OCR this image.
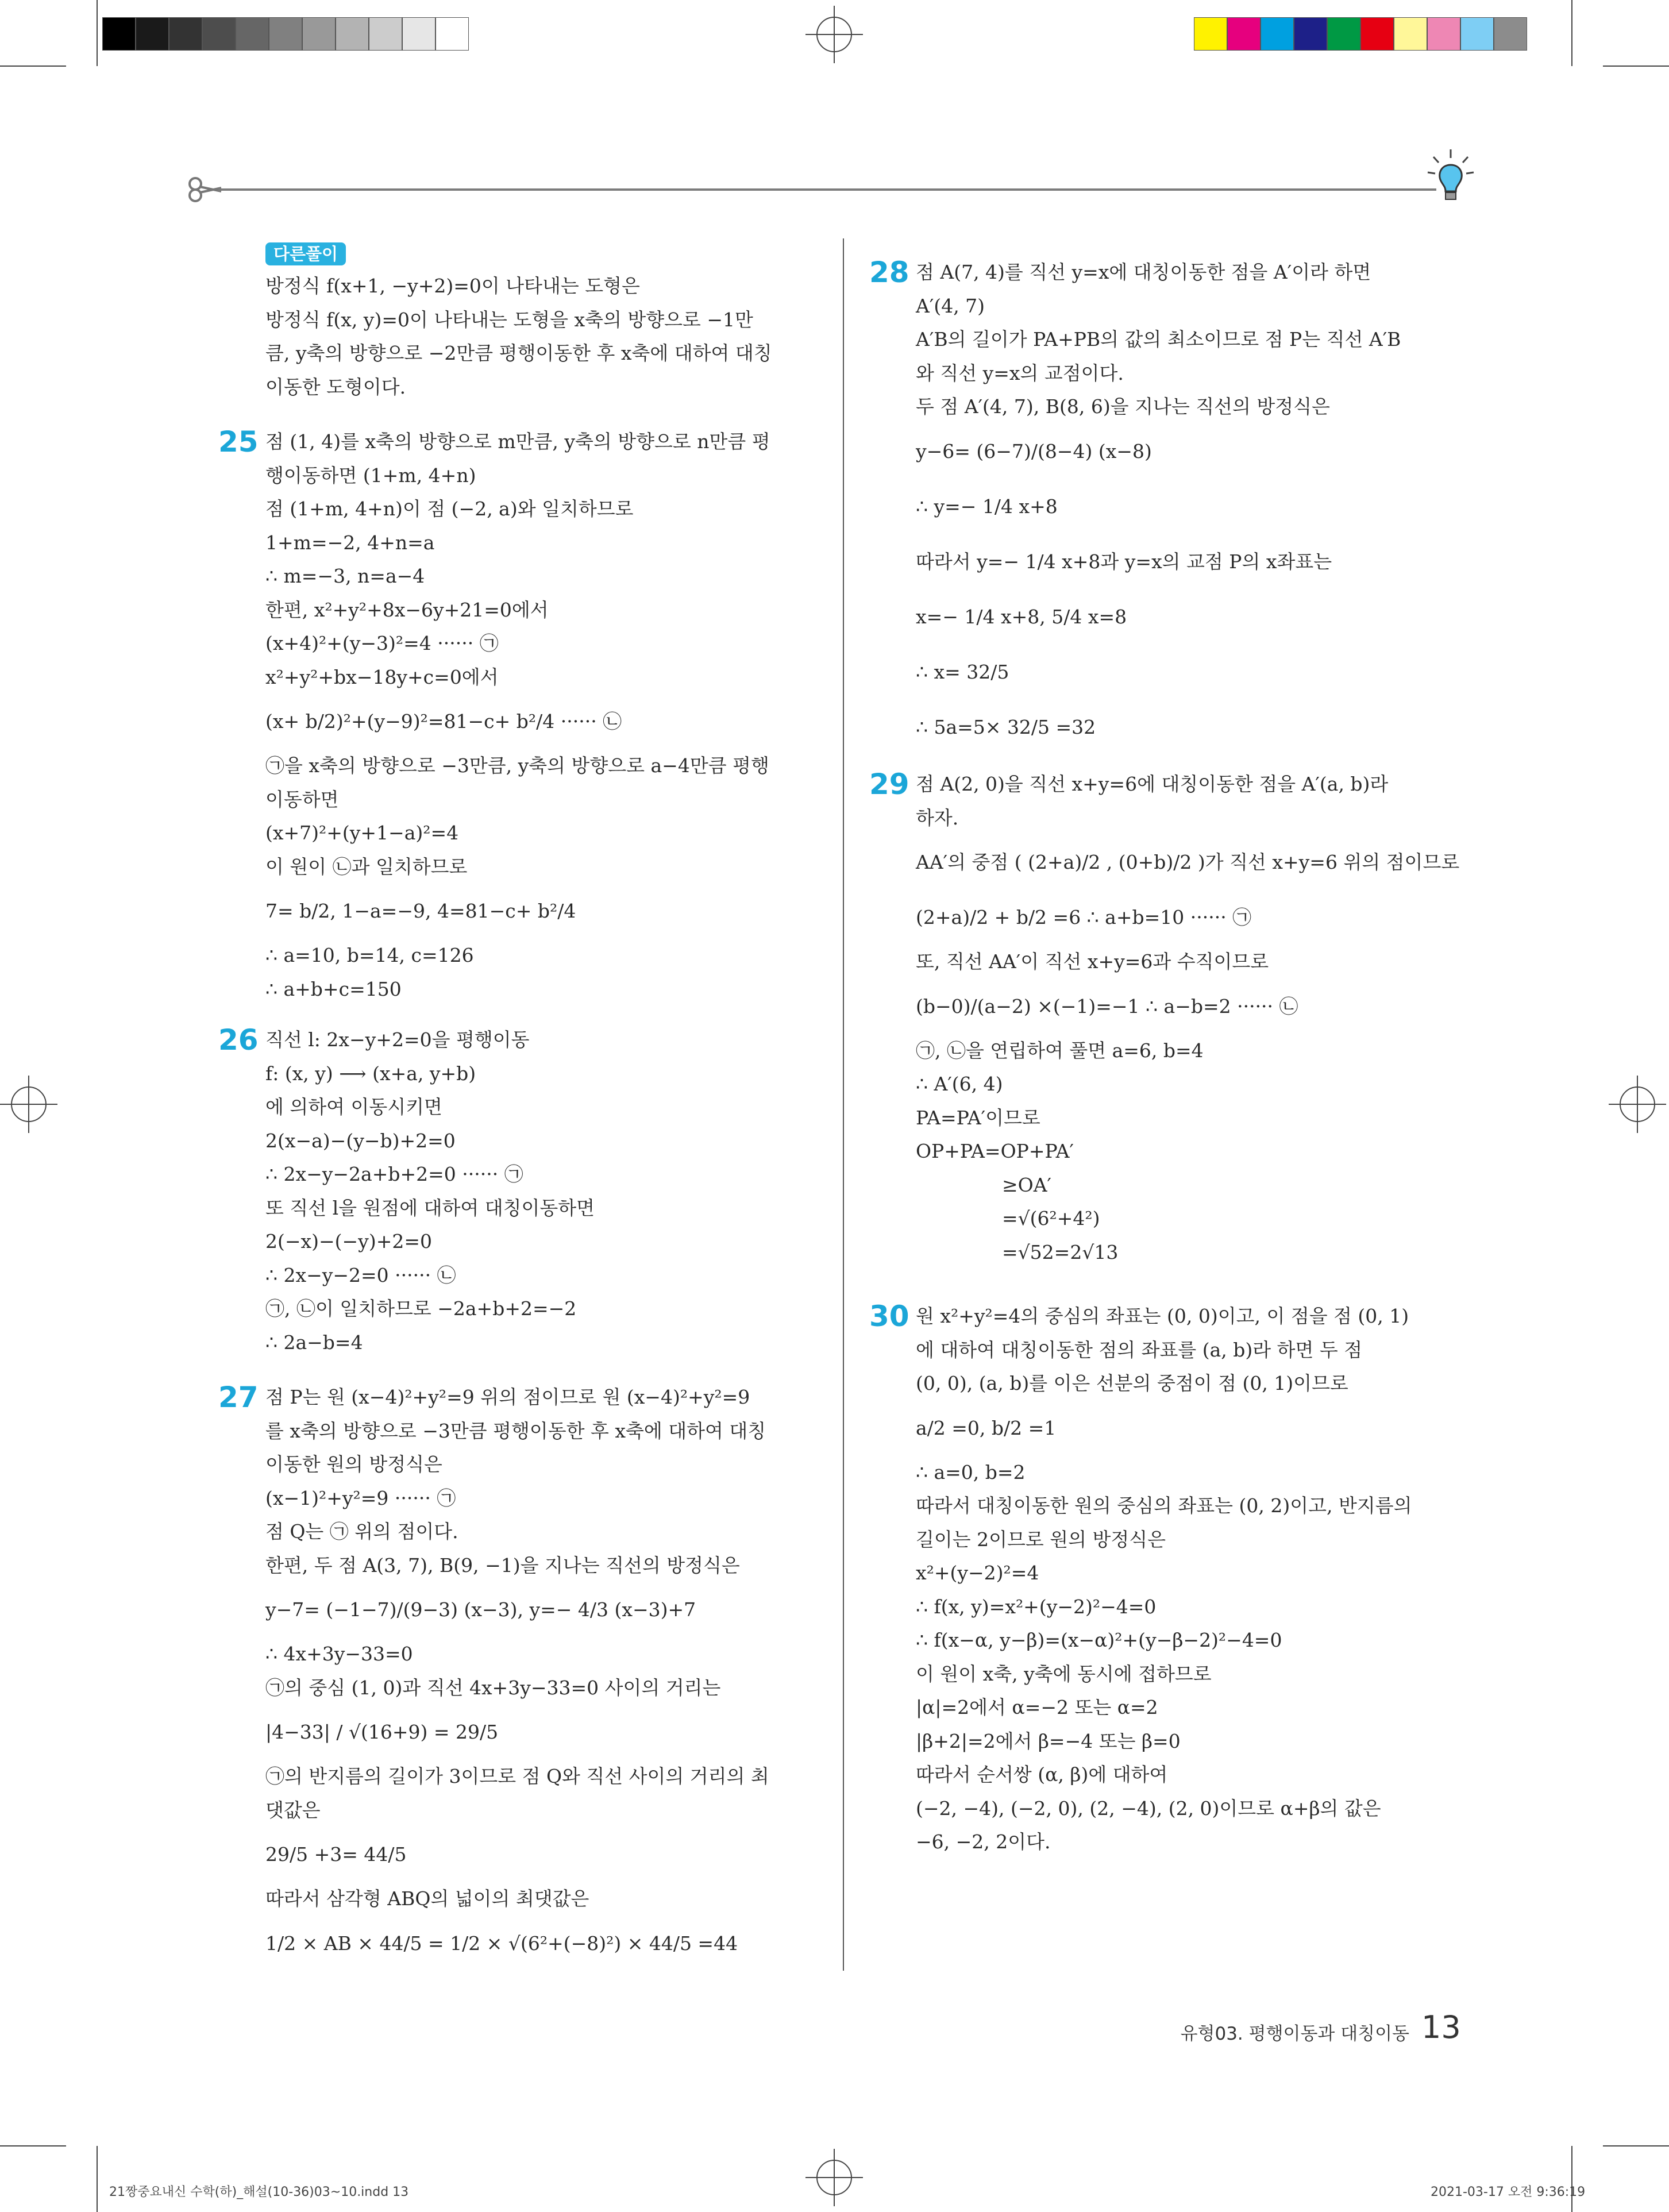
다른풀이
방정식 f(x+1, −y+2)=0이 나타내는 도형은
방정식 f(x, y)=0이 나타내는 도형을 x축의 방향으로 −1만
큼, y축의 방향으로 −2만큼 평행이동한 후 x축에 대하여 대칭
이동한 도형이다.
25 점 (1, 4)를 x축의 방향으로 m만큼, y축의 방향으로 n만큼 평
행이동하면 (1+m, 4+n)
점 (1+m, 4+n)이 점 (−2, a)와 일치하므로
1+m=−2, 4+n=a
∴ m=−3, n=a−4
한편, x²+y²+8x−6y+21=0에서
(x+4)²+(y−3)²=4 ······ ㉠
x²+y²+bx−18y+c=0에서
(x+ b/2)²+(y−9)²=81−c+ b²/4 ······ ㉡
㉠을 x축의 방향으로 −3만큼, y축의 방향으로 a−4만큼 평행
이동하면
(x+7)²+(y+1−a)²=4
이 원이 ㉡과 일치하므로
7= b/2, 1−a=−9, 4=81−c+ b²/4
∴ a=10, b=14, c=126
∴ a+b+c=150
26 직선 l: 2x−y+2=0을 평행이동
f: (x, y) ⟶ (x+a, y+b)
에 의하여 이동시키면
2(x−a)−(y−b)+2=0
∴ 2x−y−2a+b+2=0 ······ ㉠
또 직선 l을 원점에 대하여 대칭이동하면
2(−x)−(−y)+2=0
∴ 2x−y−2=0 ······ ㉡
㉠, ㉡이 일치하므로 −2a+b+2=−2
∴ 2a−b=4
27 점 P는 원 (x−4)²+y²=9 위의 점이므로 원 (x−4)²+y²=9
를 x축의 방향으로 −3만큼 평행이동한 후 x축에 대하여 대칭
이동한 원의 방정식은
(x−1)²+y²=9 ······ ㉠
점 Q는 ㉠ 위의 점이다.
한편, 두 점 A(3, 7), B(9, −1)을 지나는 직선의 방정식은
y−7= (−1−7)/(9−3) (x−3), y=− 4/3 (x−3)+7
∴ 4x+3y−33=0
㉠의 중심 (1, 0)과 직선 4x+3y−33=0 사이의 거리는
|4−33| / √(16+9) = 29/5
㉠의 반지름의 길이가 3이므로 점 Q와 직선 사이의 거리의 최
댓값은
29/5 +3= 44/5
따라서 삼각형 ABQ의 넓이의 최댓값은
1/2 × AB × 44/5 = 1/2 × √(6²+(−8)²) × 44/5 =44
28 점 A(7, 4)를 직선 y=x에 대칭이동한 점을 A′이라 하면
A′(4, 7)
A′B의 길이가 PA+PB의 값의 최소이므로 점 P는 직선 A′B
와 직선 y=x의 교점이다.
두 점 A′(4, 7), B(8, 6)을 지나는 직선의 방정식은
y−6= (6−7)/(8−4) (x−8)
∴ y=− 1/4 x+8
따라서 y=− 1/4 x+8과 y=x의 교점 P의 x좌표는
x=− 1/4 x+8, 5/4 x=8
∴ x= 32/5
∴ 5a=5× 32/5 =32
29 점 A(2, 0)을 직선 x+y=6에 대칭이동한 점을 A′(a, b)라
하자.
AA′의 중점 ( (2+a)/2 , (0+b)/2 )가 직선 x+y=6 위의 점이므로
(2+a)/2 + b/2 =6 ∴ a+b=10 ······ ㉠
또, 직선 AA′이 직선 x+y=6과 수직이므로
(b−0)/(a−2) ×(−1)=−1 ∴ a−b=2 ······ ㉡
㉠, ㉡을 연립하여 풀면 a=6, b=4
∴ A′(6, 4)
PA=PA′이므로
OP+PA=OP+PA′
≥OA′
=√(6²+4²)
=√52=2√13
30 원 x²+y²=4의 중심의 좌표는 (0, 0)이고, 이 점을 점 (0, 1)
에 대하여 대칭이동한 점의 좌표를 (a, b)라 하면 두 점
(0, 0), (a, b)를 이은 선분의 중점이 점 (0, 1)이므로
a/2 =0, b/2 =1
∴ a=0, b=2
따라서 대칭이동한 원의 중심의 좌표는 (0, 2)이고, 반지름의
길이는 2이므로 원의 방정식은
x²+(y−2)²=4
∴ f(x, y)=x²+(y−2)²−4=0
∴ f(x−α, y−β)=(x−α)²+(y−β−2)²−4=0
이 원이 x축, y축에 동시에 접하므로
|α|=2에서 α=−2 또는 α=2
|β+2|=2에서 β=−4 또는 β=0
따라서 순서쌍 (α, β)에 대하여
(−2, −4), (−2, 0), (2, −4), (2, 0)이므로 α+β의 값은
−6, −2, 2이다.
유형03. 평행이동과 대칭이동 13
21짱중요내신 수학(하)_해설(10-36)03~10.indd 13	2021-03-17 오전 9:36:19
